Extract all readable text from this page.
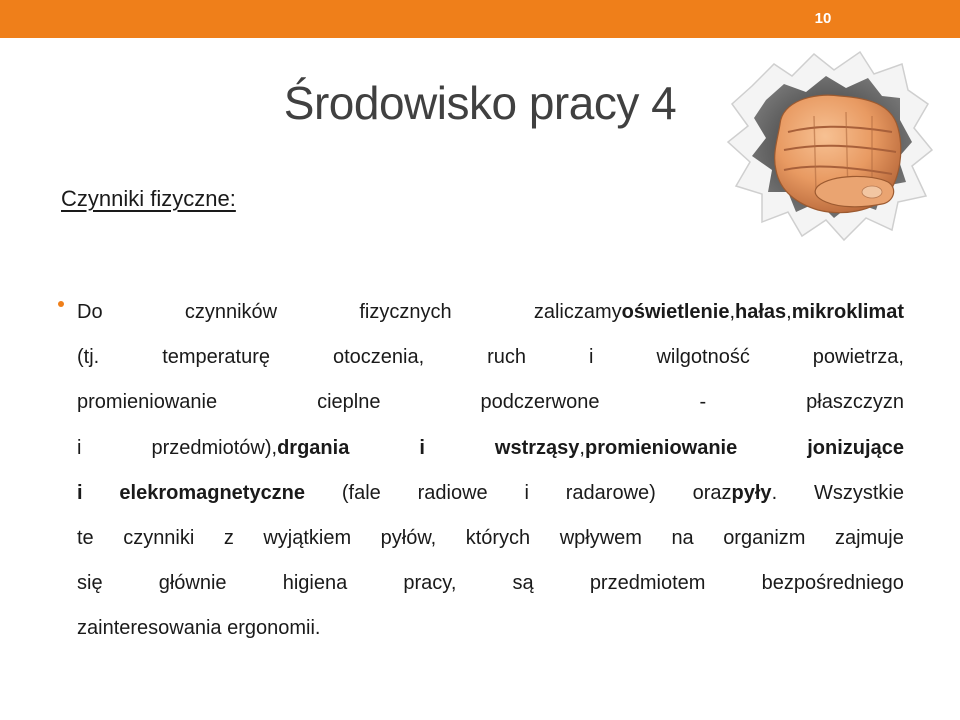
10
Środowisko pracy 4
Czynniki fizyczne:
Do	czynników	fizycznych	zaliczamyoświetlenie,hałas,mikroklimat
(tj.	temperaturę	otoczenia,	ruch	i	wilgotność	powietrza,
promieniowanie	cieplne	podczerwone	-	płaszczyzn
i	przedmiotów),drgania	i	wstrząsy,promieniowanie	jonizujące
i elekromagnetyczne (fale radiowe i radarowe) orazpyły. Wszystkie
te czynniki z wyjątkiem pyłów, których wpływem na organizm zajmuje
się	głównie	higiena	pracy,	są	przedmiotem	bezpośredniego
zainteresowania ergonomii.
